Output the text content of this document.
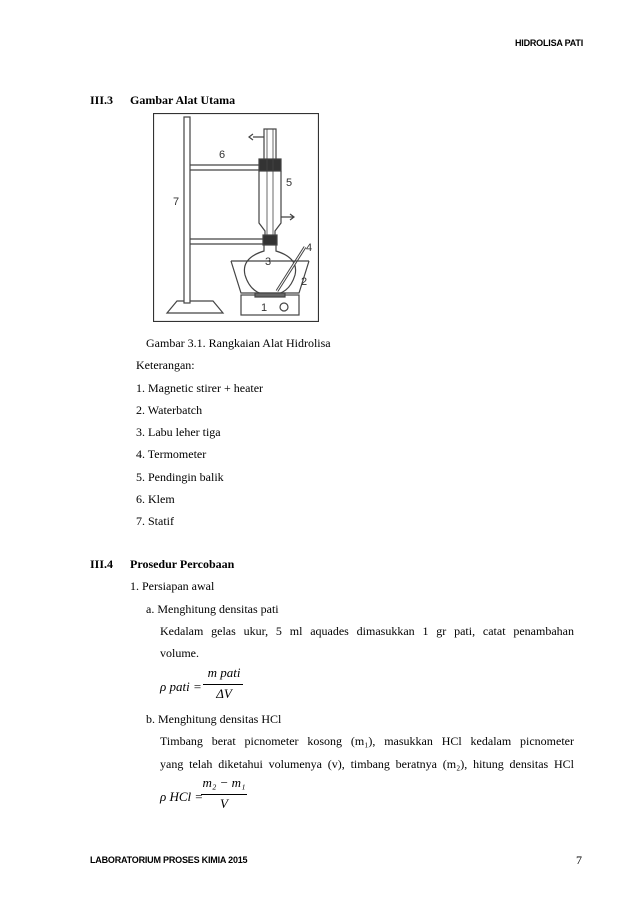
HIDROLISA PATI
III.3 Gambar Alat Utama
1
2
3
4
5
6
7
Gambar 3.1. Rangkaian Alat Hidrolisa
Keterangan:
1. Magnetic stirer + heater
2. Waterbatch
3. Labu leher tiga
4. Termometer
5. Pendingin balik
6. Klem
7. Statif
III.4 Prosedur Percobaan
1. Persiapan awal
a. Menghitung densitas pati
Kedalam gelas ukur, 5 ml aquades dimasukkan 1 gr pati, catat penambahan
volume.
ρ pati =
m pati
ΔV
b. Menghitung densitas HCl
Timbang berat picnometer kosong (m₁), masukkan HCl kedalam picnometer
yang telah diketahui volumenya (v), timbang beratnya (m₂), hitung densitas HCl
ρ HCl =
m₂ − m₁
V
LABORATORIUM PROSES KIMIA 2015	7
